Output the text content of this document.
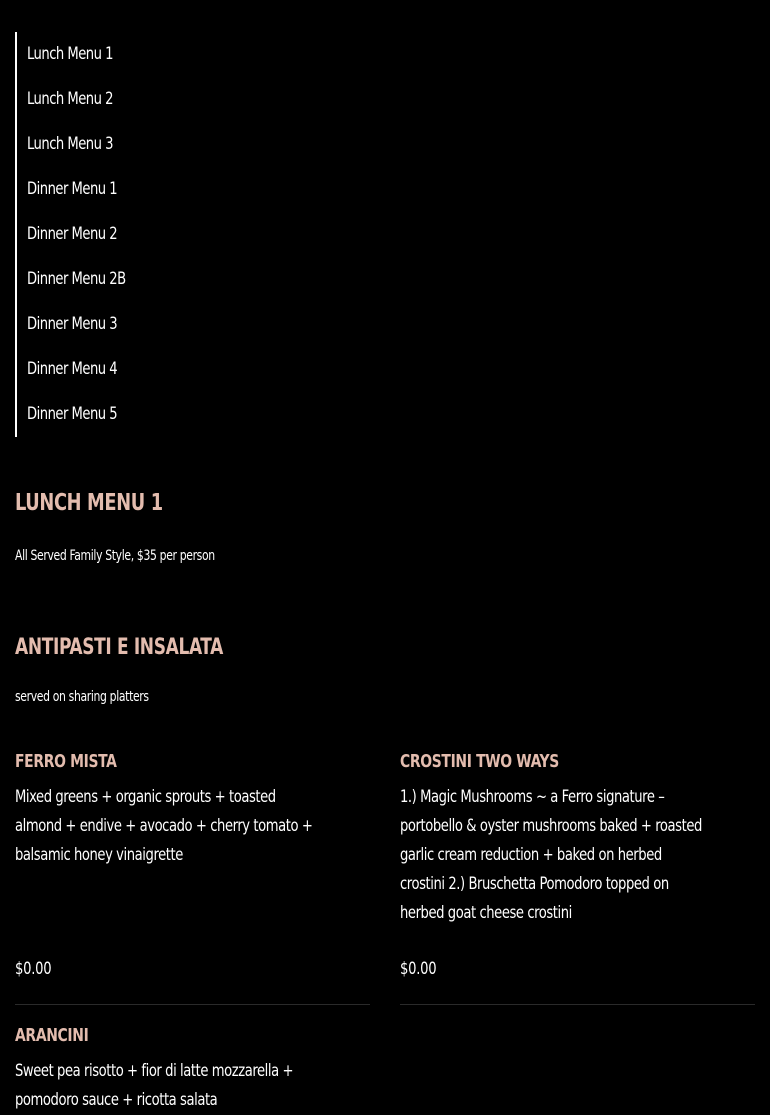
Lunch Menu 1
Lunch Menu 2
Lunch Menu 3
Dinner Menu 1
Dinner Menu 2
Dinner Menu 2B
Dinner Menu 3
Dinner Menu 4
Dinner Menu 5
LUNCH MENU 1

All Served Family Style, $35 per person

ANTIPASTI E INSALATA

served on sharing platters

FERRO MISTA

Mixed greens + organic sprouts + toasted almond + endive + avocado + cherry tomato + balsamic honey vinaigrette

$0.00

CROSTINI TWO WAYS

1.) Magic Mushrooms ~ a Ferro signature – portobello & oyster mushrooms baked + roasted garlic cream reduction + baked on herbed crostini 2.) Bruschetta Pomodoro topped on herbed goat cheese crostini

$0.00

ARANCINI

Sweet pea risotto + fior di latte mozzarella + pomodoro sauce + ricotta salata
